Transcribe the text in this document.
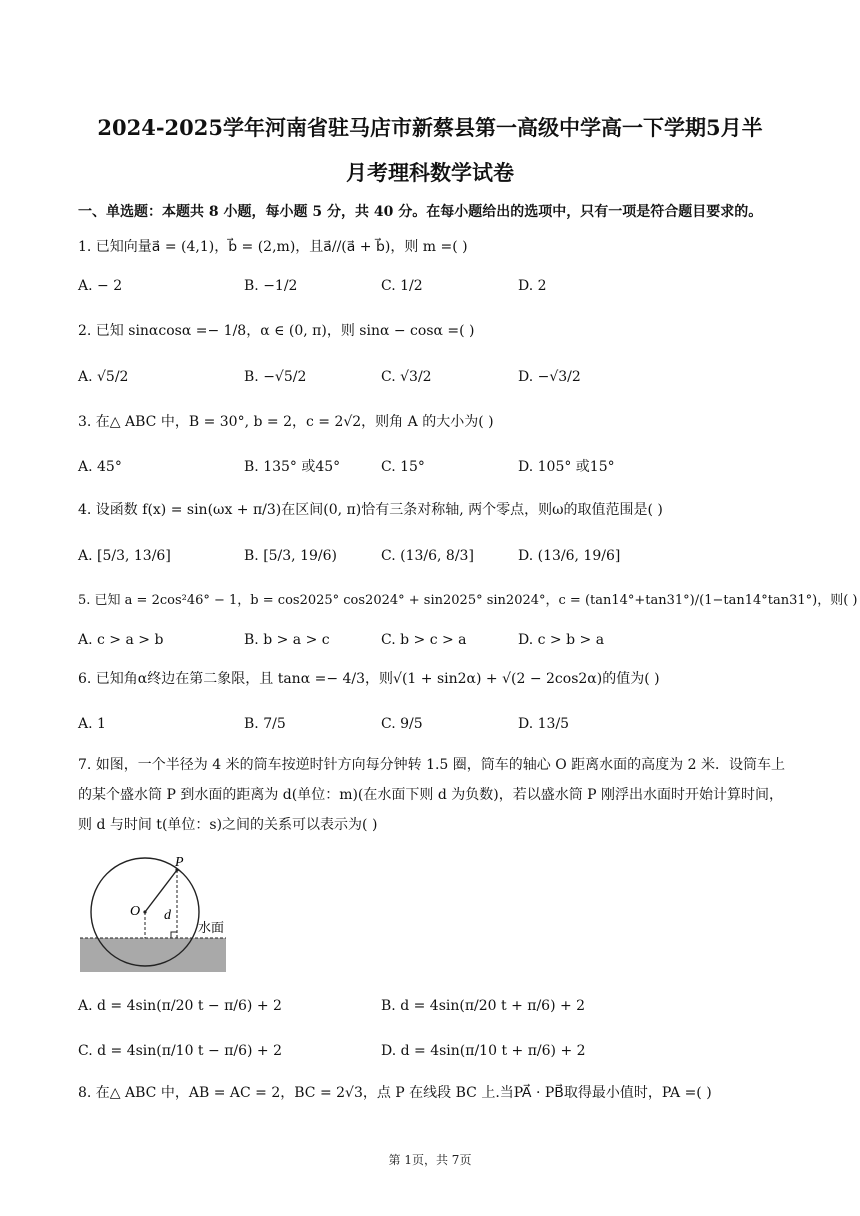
2024-2025学年河南省驻马店市新蔡县第一高级中学高一下学期5月半
月考理科数学试卷
一、单选题：本题共 8 小题，每小题 5 分，共 40 分。在每小题给出的选项中，只有一项是符合题目要求的。
1. 已知向量a⃗ = (4,1)，b⃗ = (2,m)，且a⃗//(a⃗ + b⃗)，则 m =( )
A. − 2	B. −1/2	C. 1/2	D. 2
2. 已知 sinαcosα =− 1/8，α ∈ (0, π)，则 sinα − cosα =( )
A. √5/2	B. −√5/2	C. √3/2	D. −√3/2
3. 在△ ABC 中，B = 30°, b = 2，c = 2√2，则角 A 的大小为( )
A. 45°	B. 135° 或45°	C. 15°	D. 105° 或15°
4. 设函数 f(x) = sin(ωx + π/3)在区间(0, π)恰有三条对称轴, 两个零点，则ω的取值范围是( )
A. [5/3, 13/6]	B. [5/3, 19/6)	C. (13/6, 8/3]	D. (13/6, 19/6]
5. 已知 a = 2cos²46° − 1，b = cos2025° cos2024° + sin2025° sin2024°，c = (tan14°+tan31°)/(1−tan14°tan31°)，则( )
A. c > a > b	B. b > a > c	C. b > c > a	D. c > b > a
6. 已知角α终边在第二象限，且 tanα =− 4/3，则√(1 + sin2α) + √(2 − 2cos2α)的值为( )
A. 1	B. 7/5	C. 9/5	D. 13/5
7. 如图，一个半径为 4 米的筒车按逆时针方向每分钟转 1.5 圈，筒车的轴心 O 距离水面的高度为 2 米．设筒车上的某个盛水筒 P 到水面的距离为 d(单位：m)(在水面下则 d 为负数)，若以盛水筒 P 刚浮出水面时开始计算时间，则 d 与时间 t(单位：s)之间的关系可以表示为( )
P
O d
水面
A. d = 4sin(π/20 t − π/6) + 2	B. d = 4sin(π/20 t + π/6) + 2
C. d = 4sin(π/10 t − π/6) + 2	D. d = 4sin(π/10 t + π/6) + 2
8. 在△ ABC 中，AB = AC = 2，BC = 2√3，点 P 在线段 BC 上.当PA⃗ · PB⃗取得最小值时，PA =( )
第 1页，共 7页
